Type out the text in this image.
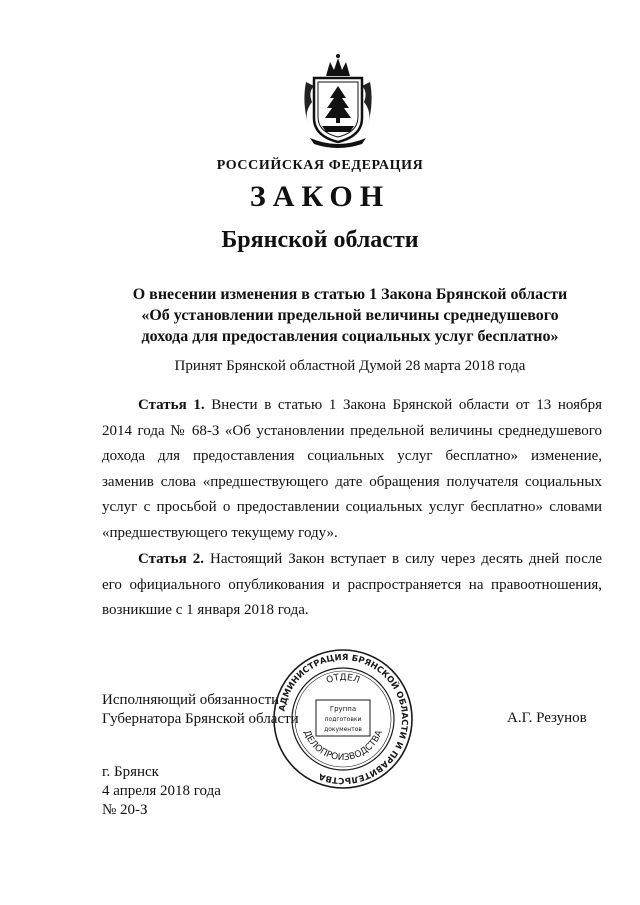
РОССИЙСКАЯ ФЕДЕРАЦИЯ
ЗАКОН
Брянской области
О внесении изменения в статью 1 Закона Брянской области
«Об установлении предельной величины среднедушевого
дохода для предоставления социальных услуг бесплатно»
Принят Брянской областной Думой 28 марта 2018 года
Статья 1. Внести в статью 1 Закона Брянской области от 13 ноября 2014 года № 68-З «Об установлении предельной величины среднедушевого дохода для предоставления социальных услуг бесплатно» изменение, заменив слова «предшествующего дате обращения получателя социальных услуг с просьбой о предоставлении социальных услуг бесплатно» словами «предшествующего текущему году».
Статья 2. Настоящий Закон вступает в силу через десять дней после его официального опубликования и распространяется на правоотношения, возникшие с 1 января 2018 года.
Исполняющий обязанности
Губернатора Брянской области	А.Г. Резунов
г. Брянск
4 апреля 2018 года
№ 20-З
АДМИНИСТРАЦИЯ БРЯНСКОЙ ОБЛАСТИ И ПРАВИТЕЛЬСТВА
ОТДЕЛ
ДЕЛОПРОИЗВОДСТВА
Группа
подготовки
документов
